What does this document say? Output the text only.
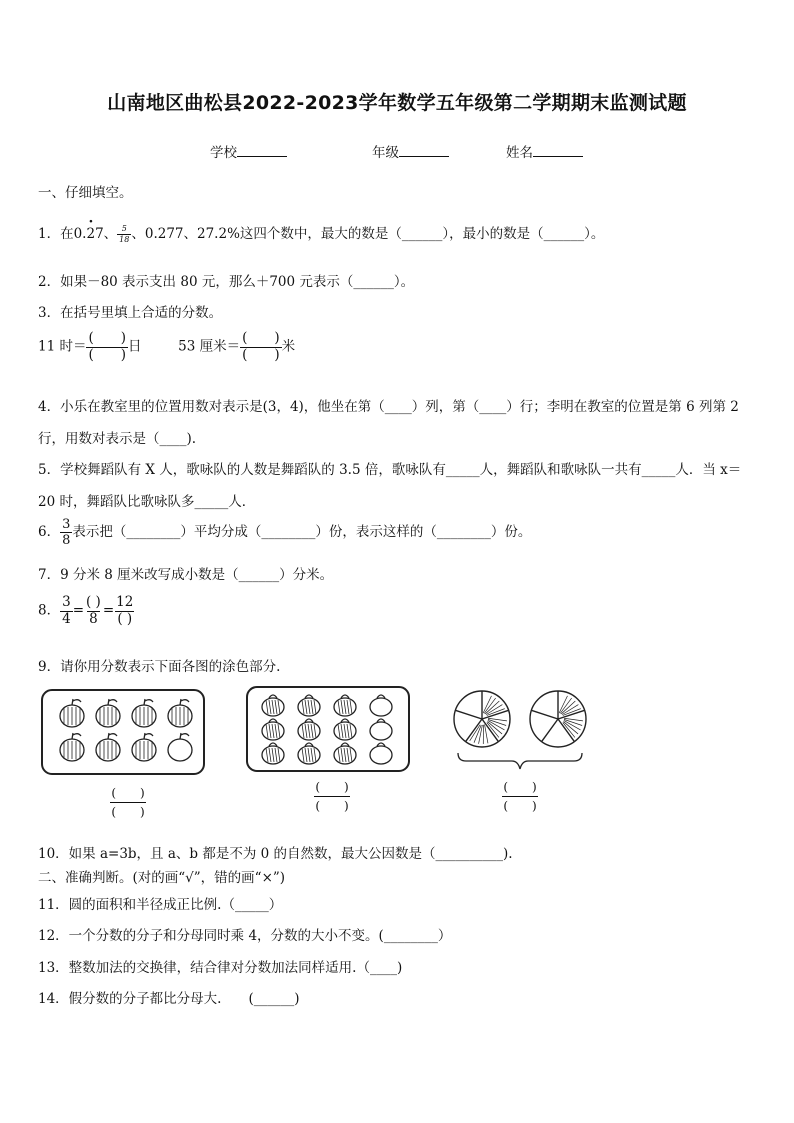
山南地区曲松县2022-2023学年数学五年级第二学期期末监测试题
学校	年级	姓名
一、仔细填空。
1．在0.· 27、 $\frac{5}{18}$ 、0.277、27.2%这四个数中，最大的数是（______），最小的数是（______）。
2．如果－80 表示支出 80 元，那么＋700 元表示（______）。
3．在括号里填上合适的分数。
11 时＝ $\frac{( )}{( )}$ 日	53 厘米＝ $\frac{( )}{( )}$ 米
4．小乐在教室里的位置用数对表示是(3，4)，他坐在第（____）列，第（____）行；李明在教室的位置是第 6 列第 2
行，用数对表示是（____).
5．学校舞蹈队有 X 人，歌咏队的人数是舞蹈队的 3.5 倍，歌咏队有_____人，舞蹈队和歌咏队一共有_____人．当 x＝
20 时，舞蹈队比歌咏队多_____人．
6． $\frac{3}{8}$ 表示把（________）平均分成（________）份，表示这样的（________）份。
7．9 分米 8 厘米改写成小数是（______）分米。
8． $\frac{3}{4} = \frac{( )}{8} = \frac{12}{( )}$
9．请你用分数表示下面各图的涂色部分.
(　　)
(　　)
(　　)
(　　)
(　　)
(　　)
10．如果 a=3b，且 a、b 都是不为 0 的自然数，最大公因数是（__________).
二、准确判断。(对的画“√”，错的画“×”)
11．圆的面积和半径成正比例.（_____）
12．一个分数的分子和分母同时乘 4，分数的大小不变。(________）
13．整数加法的交换律，结合律对分数加法同样适用.（____)
14．假分数的分子都比分母大.　　(______)
